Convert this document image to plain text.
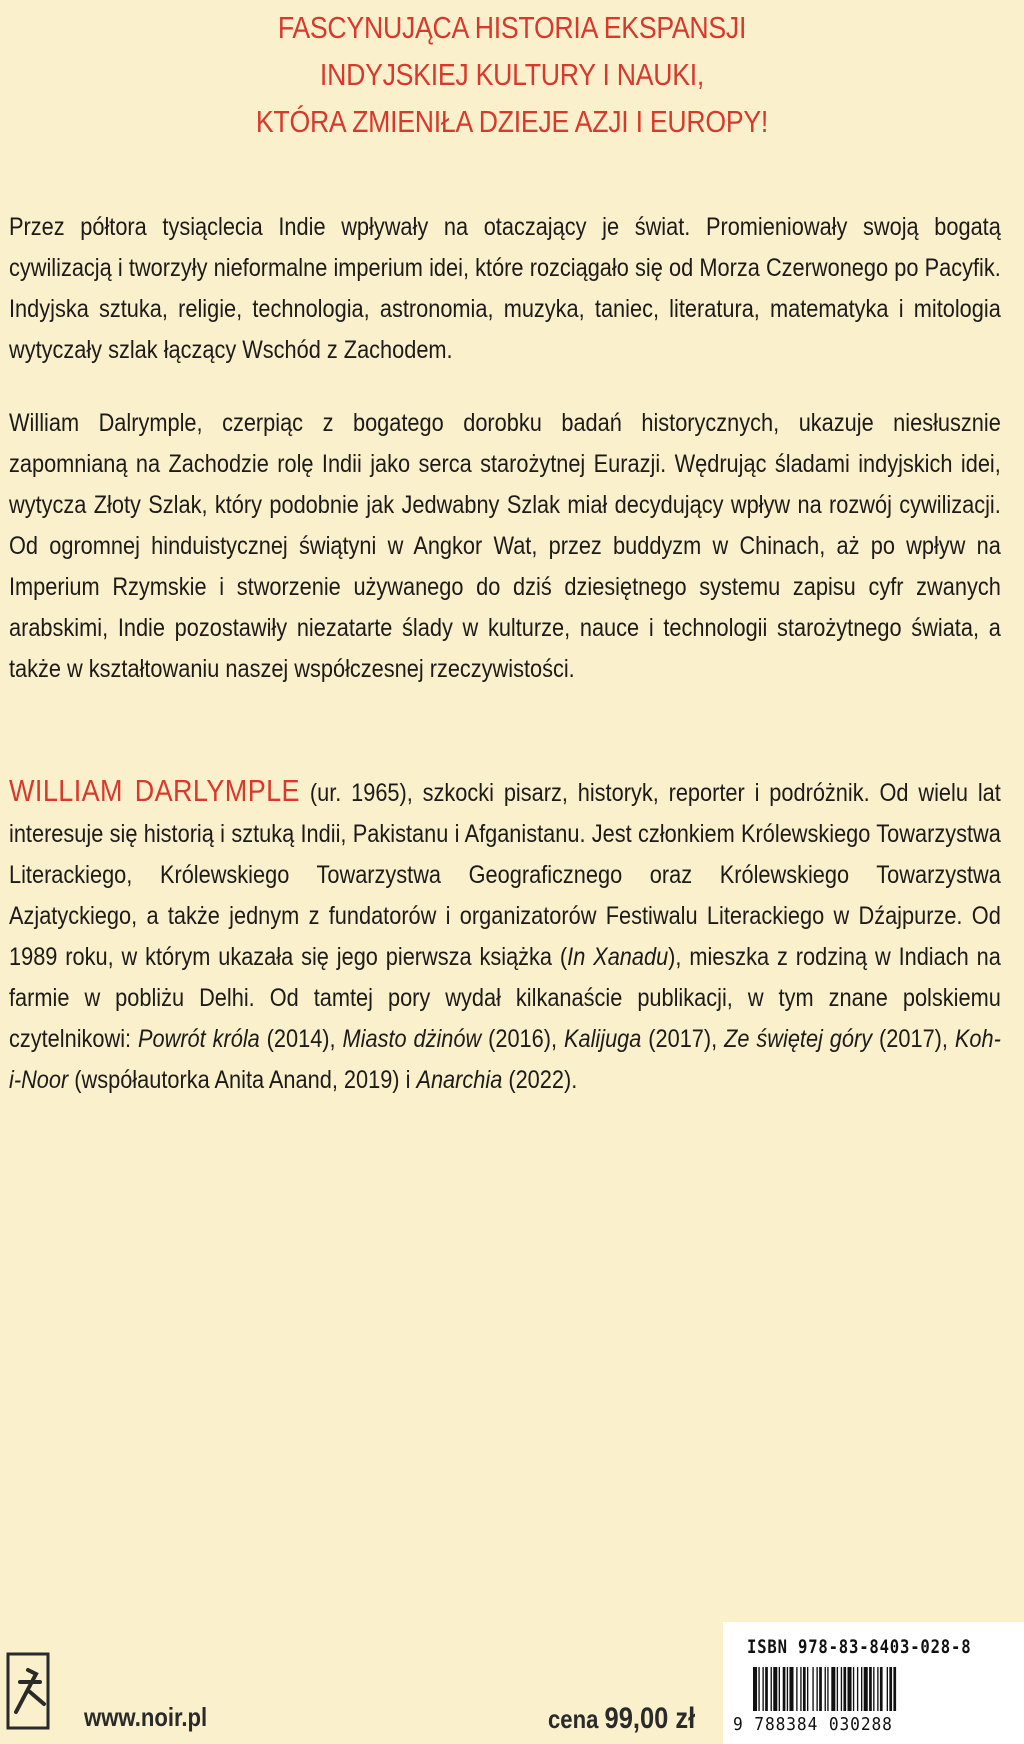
FASCYNUJĄCA HISTORIA EKSPANSJI
INDYJSKIEJ KULTURY I NAUKI,
KTÓRA ZMIENIŁA DZIEJE AZJI I EUROPY!

Przez półtora tysiąclecia Indie wpływały na otaczający je świat. Promieniowały swoją bogatą cywilizacją i tworzyły nieformalne imperium idei, które rozciągało się od Morza Czerwonego po Pacyfik. Indyjska sztuka, religie, technologia, astronomia, muzyka, taniec, literatura, matematyka i mitologia wytyczały szlak łączący Wschód z Zachodem.

William Dalrymple, czerpiąc z bogatego dorobku badań historycznych, ukazuje niesłusznie zapomnianą na Zachodzie rolę Indii jako serca starożytnej Eurazji. Wędrując śladami indyjskich idei, wytycza Złoty Szlak, który podobnie jak Jedwabny Szlak miał decydujący wpływ na rozwój cywilizacji. Od ogromnej hinduistycznej świątyni w Angkor Wat, przez buddyzm w Chinach, aż po wpływ na Imperium Rzymskie i stworzenie używanego do dziś dziesiętnego systemu zapisu cyfr zwanych arabskimi, Indie pozostawiły niezatarte ślady w kulturze, nauce i technologii starożytnego świata, a także w kształtowaniu naszej współczesnej rzeczywistości.

WILLIAM DARLYMPLE (ur. 1965), szkocki pisarz, historyk, reporter i podróżnik. Od wielu lat interesuje się historią i sztuką Indii, Pakistanu i Afganistanu. Jest członkiem Królewskiego Towarzystwa Literackiego, Królewskiego Towarzystwa Geograficznego oraz Królewskiego Towarzystwa Azjatyckiego, a także jednym z fundatorów i organizatorów Festiwalu Literackiego w Dźajpurze. Od 1989 roku, w którym ukazała się jego pierwsza książka (In Xanadu), mieszka z rodziną w Indiach na farmie w pobliżu Delhi. Od tamtej pory wydał kilkanaście publikacji, w tym znane polskiemu czytelnikowi: Powrót króla (2014), Miasto dżinów (2016), Kalijuga (2017), Ze świętej góry (2017), Koh-i-Noor (współautorka Anita Anand, 2019) i Anarchia (2022).

www.noir.pl	cena 99,00 zł
ISBN 978-83-8403-028-8
9 788384 030288
